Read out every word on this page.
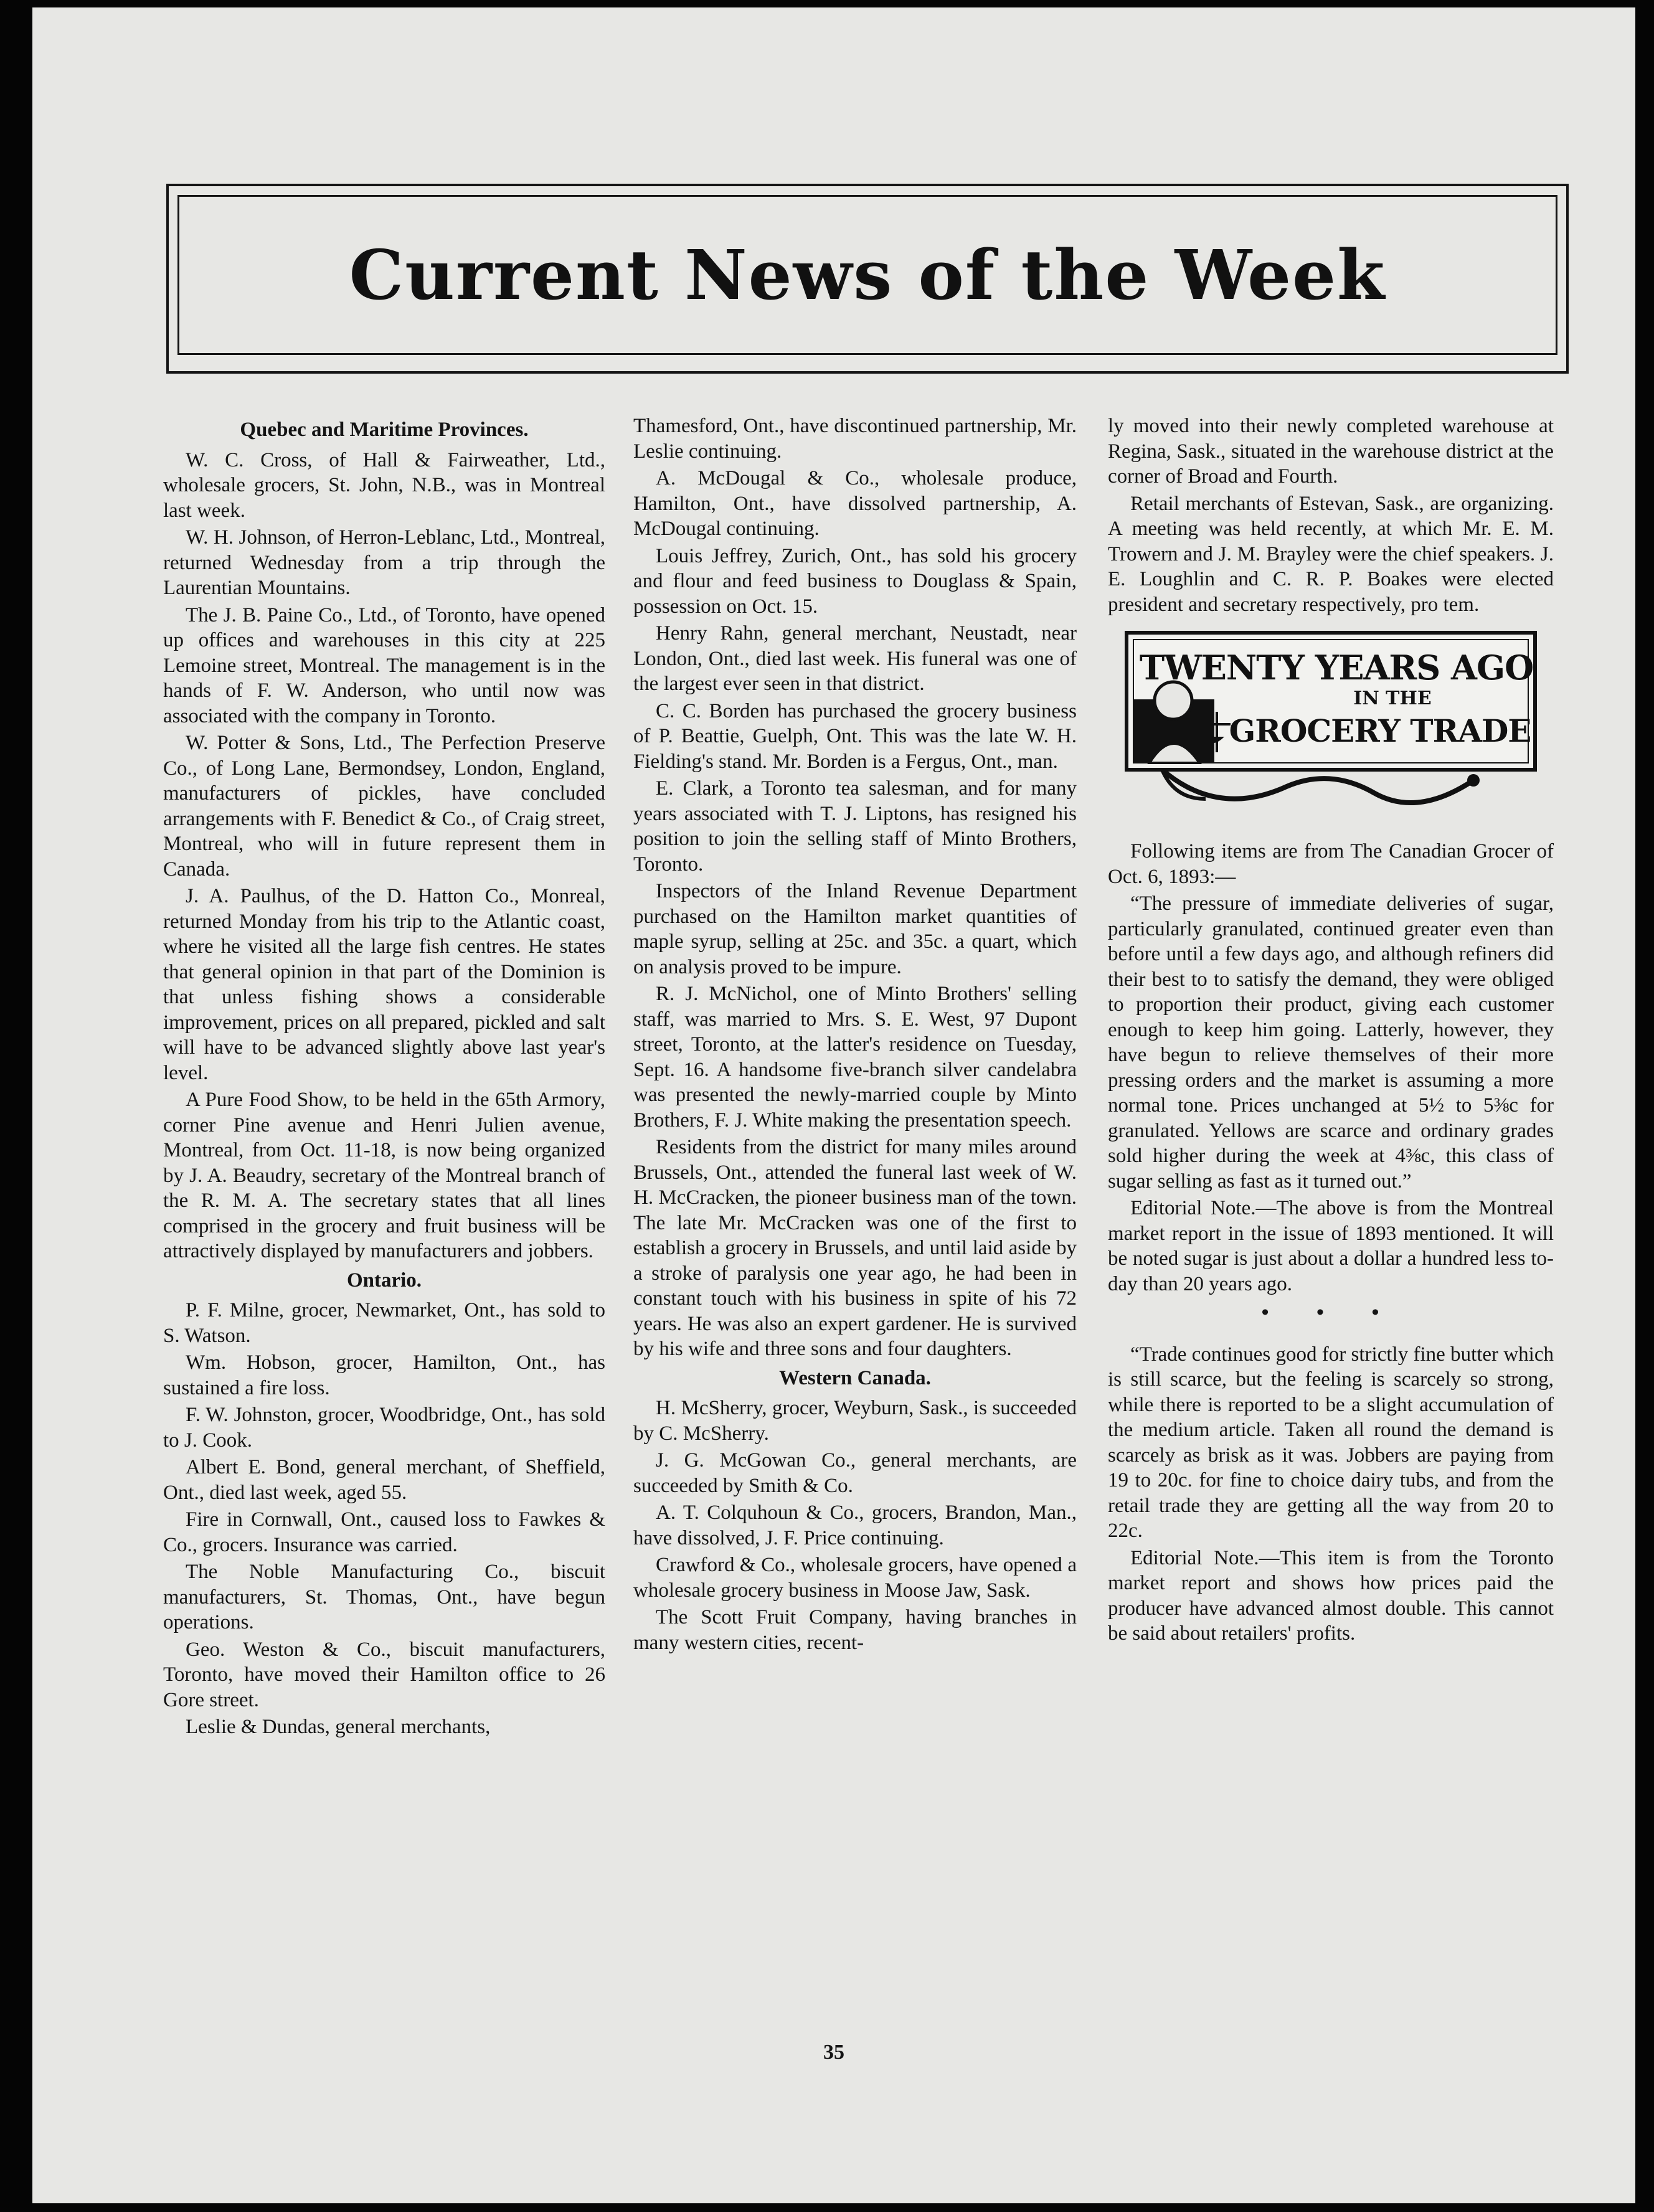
Current News of the Week
Quebec and Maritime Provinces.

W. C. Cross, of Hall & Fairweather, Ltd., wholesale grocers, St. John, N.B., was in Montreal last week.

W. H. Johnson, of Herron-Leblanc, Ltd., Montreal, returned Wednesday from a trip through the Laurentian Mountains.

The J. B. Paine Co., Ltd., of Toronto, have opened up offices and warehouses in this city at 225 Lemoine street, Montreal. The management is in the hands of F. W. Anderson, who until now was associated with the company in Toronto.

W. Potter & Sons, Ltd., The Perfection Preserve Co., of Long Lane, Bermondsey, London, England, manufacturers of pickles, have concluded arrangements with F. Benedict & Co., of Craig street, Montreal, who will in future represent them in Canada.

J. A. Paulhus, of the D. Hatton Co., Monreal, returned Monday from his trip to the Atlantic coast, where he visited all the large fish centres. He states that general opinion in that part of the Dominion is that unless fishing shows a considerable improvement, prices on all prepared, pickled and salt will have to be advanced slightly above last year's level.

A Pure Food Show, to be held in the 65th Armory, corner Pine avenue and Henri Julien avenue, Montreal, from Oct. 11-18, is now being organized by J. A. Beaudry, secretary of the Montreal branch of the R. M. A. The secretary states that all lines comprised in the grocery and fruit business will be attractively displayed by manufacturers and jobbers.

Ontario.

P. F. Milne, grocer, Newmarket, Ont., has sold to S. Watson.

Wm. Hobson, grocer, Hamilton, Ont., has sustained a fire loss.

F. W. Johnston, grocer, Woodbridge, Ont., has sold to J. Cook.

Albert E. Bond, general merchant, of Sheffield, Ont., died last week, aged 55.

Fire in Cornwall, Ont., caused loss to Fawkes & Co., grocers. Insurance was carried.

The Noble Manufacturing Co., biscuit manufacturers, St. Thomas, Ont., have begun operations.

Geo. Weston & Co., biscuit manufacturers, Toronto, have moved their Hamilton office to 26 Gore street.

Leslie & Dundas, general merchants,

Thamesford, Ont., have discontinued partnership, Mr. Leslie continuing.

A. McDougal & Co., wholesale produce, Hamilton, Ont., have dissolved partnership, A. McDougal continuing.

Louis Jeffrey, Zurich, Ont., has sold his grocery and flour and feed business to Douglass & Spain, possession on Oct. 15.

Henry Rahn, general merchant, Neustadt, near London, Ont., died last week. His funeral was one of the largest ever seen in that district.

C. C. Borden has purchased the grocery business of P. Beattie, Guelph, Ont. This was the late W. H. Fielding's stand. Mr. Borden is a Fergus, Ont., man.

E. Clark, a Toronto tea salesman, and for many years associated with T. J. Liptons, has resigned his position to join the selling staff of Minto Brothers, Toronto.

Inspectors of the Inland Revenue Department purchased on the Hamilton market quantities of maple syrup, selling at 25c. and 35c. a quart, which on analysis proved to be impure.

R. J. McNichol, one of Minto Brothers' selling staff, was married to Mrs. S. E. West, 97 Dupont street, Toronto, at the latter's residence on Tuesday, Sept. 16. A handsome five-branch silver candelabra was presented the newly-married couple by Minto Brothers, F. J. White making the presentation speech.

Residents from the district for many miles around Brussels, Ont., attended the funeral last week of W. H. McCracken, the pioneer business man of the town. The late Mr. McCracken was one of the first to establish a grocery in Brussels, and until laid aside by a stroke of paralysis one year ago, he had been in constant touch with his business in spite of his 72 years. He was also an expert gardener. He is survived by his wife and three sons and four daughters.

Western Canada.

H. McSherry, grocer, Weyburn, Sask., is succeeded by C. McSherry.

J. G. McGowan Co., general merchants, are succeeded by Smith & Co.

A. T. Colquhoun & Co., grocers, Brandon, Man., have dissolved, J. F. Price continuing.

Crawford & Co., wholesale grocers, have opened a wholesale grocery business in Moose Jaw, Sask.

The Scott Fruit Company, having branches in many western cities, recent-

ly moved into their newly completed warehouse at Regina, Sask., situated in the warehouse district at the corner of Broad and Fourth.

Retail merchants of Estevan, Sask., are organizing. A meeting was held recently, at which Mr. E. M. Trowern and J. M. Brayley were the chief speakers. J. E. Loughlin and C. R. P. Boakes were elected president and secretary respectively, pro tem.

TWENTY YEARS AGO
IN THE
GROCERY TRADE

Following items are from The Canadian Grocer of Oct. 6, 1893:—

“The pressure of immediate deliveries of sugar, particularly granulated, continued greater even than before until a few days ago, and although refiners did their best to to satisfy the demand, they were obliged to proportion their product, giving each customer enough to keep him going. Latterly, however, they have begun to relieve themselves of their more pressing orders and the market is assuming a more normal tone. Prices unchanged at 5½ to 5⅜c for granulated. Yellows are scarce and ordinary grades sold higher during the week at 4⅜c, this class of sugar selling as fast as it turned out.”

Editorial Note.—The above is from the Montreal market report in the issue of 1893 mentioned. It will be noted sugar is just about a dollar a hundred less to-day than 20 years ago.

• • •

“Trade continues good for strictly fine butter which is still scarce, but the feeling is scarcely so strong, while there is reported to be a slight accumulation of the medium article. Taken all round the demand is scarcely as brisk as it was. Jobbers are paying from 19 to 20c. for fine to choice dairy tubs, and from the retail trade they are getting all the way from 20 to 22c.

Editorial Note.—This item is from the Toronto market report and shows how prices paid the producer have advanced almost double. This cannot be said about retailers' profits.

35
